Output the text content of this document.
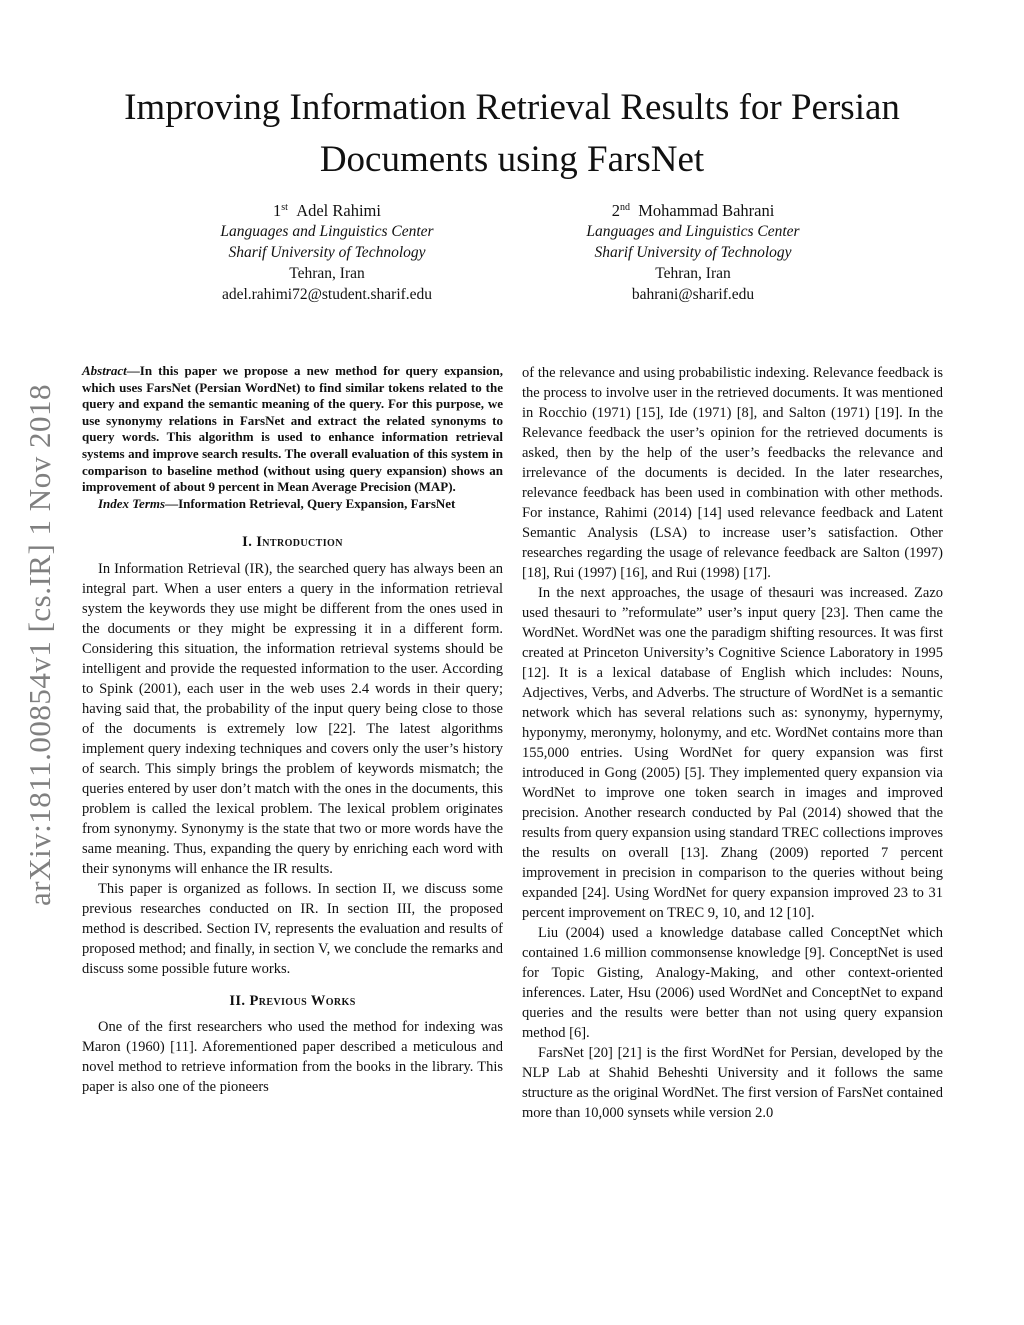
Improving Information Retrieval Results for Persian Documents using FarsNet
1st Adel Rahimi
Languages and Linguistics Center
Sharif University of Technology
Tehran, Iran
adel.rahimi72@student.sharif.edu
2nd Mohammad Bahrani
Languages and Linguistics Center
Sharif University of Technology
Tehran, Iran
bahrani@sharif.edu
arXiv:1811.00854v1 [cs.IR] 1 Nov 2018

Abstract—In this paper we propose a new method for query expansion, which uses FarsNet (Persian WordNet) to find similar tokens related to the query and expand the semantic meaning of the query. For this purpose, we use synonymy relations in FarsNet and extract the related synonyms to query words. This algorithm is used to enhance information retrieval systems and improve search results. The overall evaluation of this system in comparison to baseline method (without using query expansion) shows an improvement of about 9 percent in Mean Average Precision (MAP).

Index Terms—Information Retrieval, Query Expansion, FarsNet

I. Introduction

In Information Retrieval (IR), the searched query has always been an integral part. When a user enters a query in the information retrieval system the keywords they use might be different from the ones used in the documents or they might be expressing it in a different form. Considering this situation, the information retrieval systems should be intelligent and provide the requested information to the user. According to Spink (2001), each user in the web uses 2.4 words in their query; having said that, the probability of the input query being close to those of the documents is extremely low [22]. The latest algorithms implement query indexing techniques and covers only the user’s history of search. This simply brings the problem of keywords mismatch; the queries entered by user don’t match with the ones in the documents, this problem is called the lexical problem. The lexical problem originates from synonymy. Synonymy is the state that two or more words have the same meaning. Thus, expanding the query by enriching each word with their synonyms will enhance the IR results.

This paper is organized as follows. In section II, we discuss some previous researches conducted on IR. In section III, the proposed method is described. Section IV, represents the evaluation and results of proposed method; and finally, in section V, we conclude the remarks and discuss some possible future works.

II. Previous Works

One of the first researchers who used the method for indexing was Maron (1960) [11]. Aforementioned paper described a meticulous and novel method to retrieve information from the books in the library. This paper is also one of the pioneers

of the relevance and using probabilistic indexing. Relevance feedback is the process to involve user in the retrieved documents. It was mentioned in Rocchio (1971) [15], Ide (1971) [8], and Salton (1971) [19]. In the Relevance feedback the user’s opinion for the retrieved documents is asked, then by the help of the user’s feedbacks the relevance and irrelevance of the documents is decided. In the later researches, relevance feedback has been used in combination with other methods. For instance, Rahimi (2014) [14] used relevance feedback and Latent Semantic Analysis (LSA) to increase user’s satisfaction. Other researches regarding the usage of relevance feedback are Salton (1997) [18], Rui (1997) [16], and Rui (1998) [17].

In the next approaches, the usage of thesauri was increased. Zazo used thesauri to ”reformulate” user’s input query [23]. Then came the WordNet. WordNet was one the paradigm shifting resources. It was first created at Princeton University’s Cognitive Science Laboratory in 1995 [12]. It is a lexical database of English which includes: Nouns, Adjectives, Verbs, and Adverbs. The structure of WordNet is a semantic network which has several relations such as: synonymy, hypernymy, hyponymy, meronymy, holonymy, and etc. WordNet contains more than 155,000 entries. Using WordNet for query expansion was first introduced in Gong (2005) [5]. They implemented query expansion via WordNet to improve one token search in images and improved precision. Another research conducted by Pal (2014) showed that the results from query expansion using standard TREC collections improves the results on overall [13]. Zhang (2009) reported 7 percent improvement in precision in comparison to the queries without being expanded [24]. Using WordNet for query expansion improved 23 to 31 percent improvement on TREC 9, 10, and 12 [10].

Liu (2004) used a knowledge database called ConceptNet which contained 1.6 million commonsense knowledge [9]. ConceptNet is used for Topic Gisting, Analogy-Making, and other context-oriented inferences. Later, Hsu (2006) used WordNet and ConceptNet to expand queries and the results were better than not using query expansion method [6].

FarsNet [20] [21] is the first WordNet for Persian, developed by the NLP Lab at Shahid Beheshti University and it follows the same structure as the original WordNet. The first version of FarsNet contained more than 10,000 synsets while version 2.0
